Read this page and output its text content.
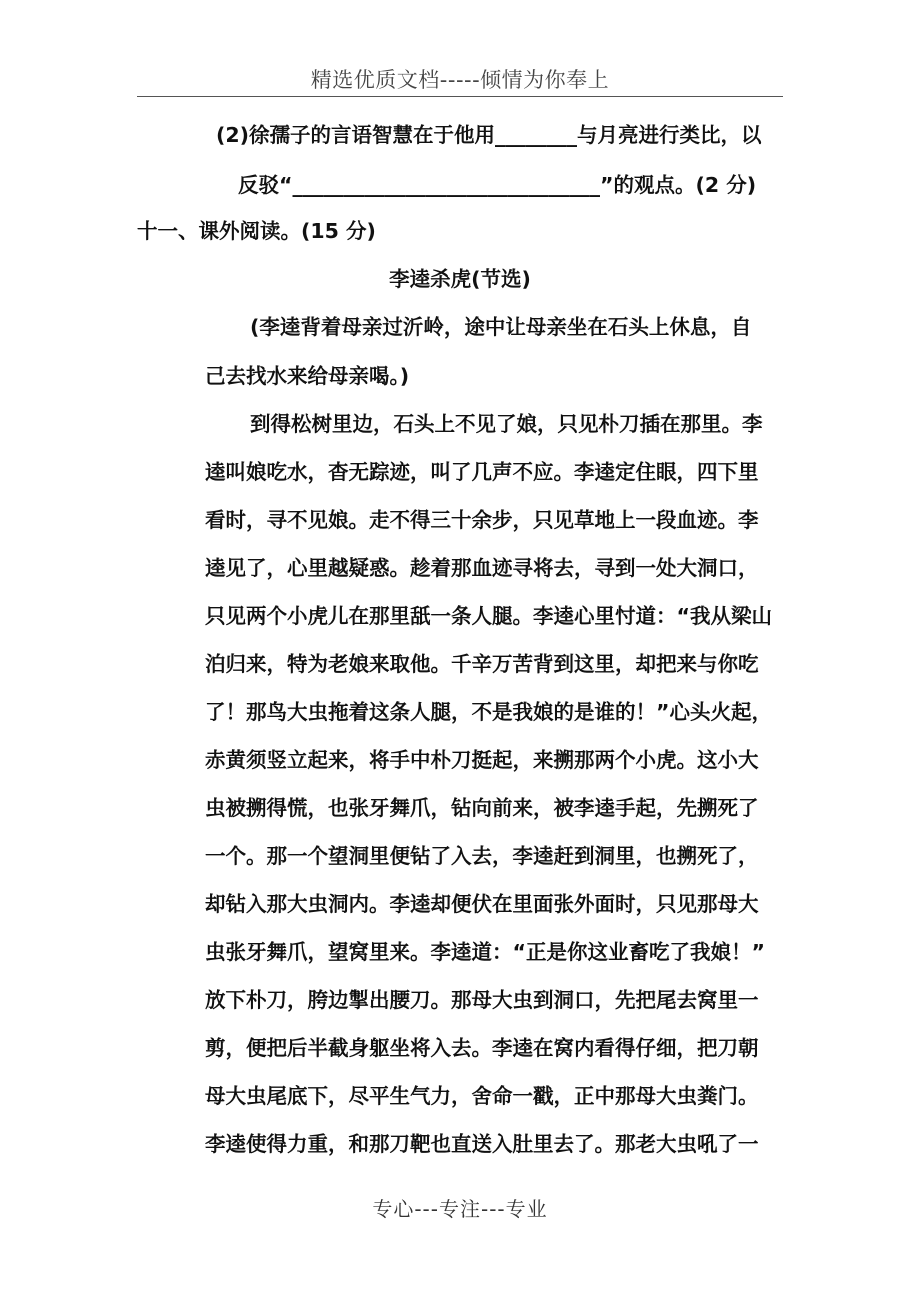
精选优质文档-----倾情为你奉上
(2)徐孺子的言语智慧在于他用________与月亮进行类比，以
反驳“______________________________”的观点。(2 分)
十一、课外阅读。(15 分)
李逵杀虎(节选)
(李逵背着母亲过沂岭，途中让母亲坐在石头上休息，自
己去找水来给母亲喝。)
到得松树里边，石头上不见了娘，只见朴刀插在那里。李
逵叫娘吃水，杳无踪迹，叫了几声不应。李逵定住眼，四下里
看时，寻不见娘。走不得三十余步，只见草地上一段血迹。李
逵见了，心里越疑惑。趁着那血迹寻将去，寻到一处大洞口，
只见两个小虎儿在那里舐一条人腿。李逵心里忖道：“我从梁山
泊归来，特为老娘来取他。千辛万苦背到这里，却把来与你吃
了！那鸟大虫拖着这条人腿，不是我娘的是谁的！”心头火起，
赤黄须竖立起来，将手中朴刀挺起，来搠那两个小虎。这小大
虫被搠得慌，也张牙舞爪，钻向前来，被李逵手起，先搠死了
一个。那一个望洞里便钻了入去，李逵赶到洞里，也搠死了，
却钻入那大虫洞内。李逵却便伏在里面张外面时，只见那母大
虫张牙舞爪，望窝里来。李逵道：“正是你这业畜吃了我娘！”
放下朴刀，胯边掣出腰刀。那母大虫到洞口，先把尾去窝里一
剪，便把后半截身躯坐将入去。李逵在窝内看得仔细，把刀朝
母大虫尾底下，尽平生气力，舍命一戳，正中那母大虫粪门。
李逵使得力重，和那刀靶也直送入肚里去了。那老大虫吼了一
专心---专注---专业
